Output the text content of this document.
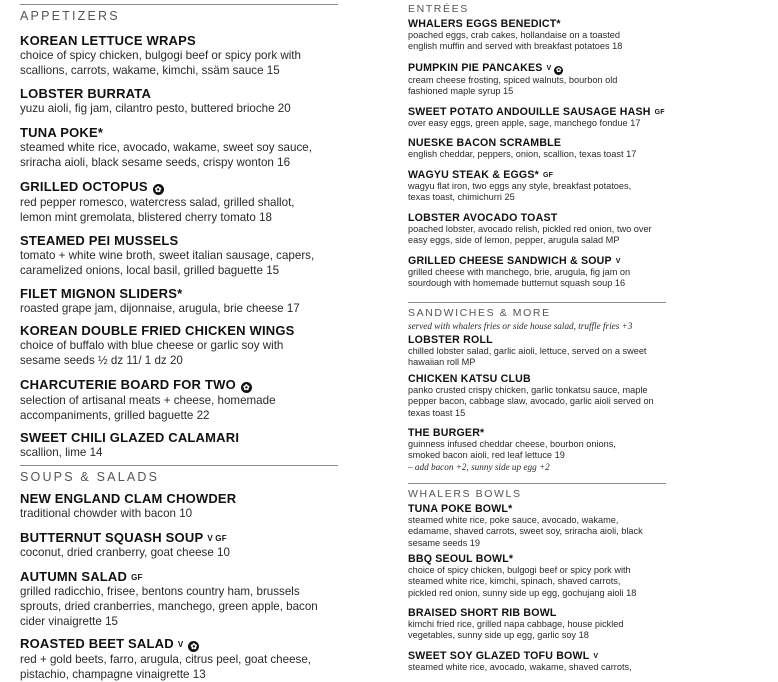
APPETIZERS
KOREAN LETTUCE WRAPS
choice of spicy chicken, bulgogi beef or spicy pork with scallions, carrots, wakame, kimchi, ssäm sauce 15
LOBSTER BURRATA
yuzu aioli, fig jam, cilantro pesto, buttered brioche 20
TUNA POKE*
steamed white rice, avocado, wakame, sweet soy sauce, sriracha aioli, black sesame seeds, crispy wonton 16
GRILLED OCTOPUS ✿
red pepper romesco, watercress salad, grilled shallot, lemon mint gremolata, blistered cherry tomato 18
STEAMED PEI MUSSELS
tomato + white wine broth, sweet italian sausage, capers, caramelized onions, local basil, grilled baguette 15
FILET MIGNON SLIDERS*
roasted grape jam, dijonnaise, arugula, brie cheese 17
KOREAN DOUBLE FRIED CHICKEN WINGS
choice of buffalo with blue cheese or garlic soy with sesame seeds ½ dz 11/ 1 dz 20
CHARCUTERIE BOARD FOR TWO ✿
selection of artisanal meats + cheese, homemade accompaniments, grilled baguette 22
SWEET CHILI GLAZED CALAMARI
scallion, lime 14
SOUPS & SALADS
NEW ENGLAND CLAM CHOWDER
traditional chowder with bacon 10
BUTTERNUT SQUASH SOUP V GF
coconut, dried cranberry, goat cheese 10
AUTUMN SALAD GF
grilled radicchio, frisee, bentons country ham, brussels sprouts, dried cranberries, manchego, green apple, bacon cider vinaigrette 15
ROASTED BEET SALAD V ✿
red + gold beets, farro, arugula, citrus peel, goat cheese, pistachio, champagne vinaigrette 13
ENTRÉES
WHALERS EGGS BENEDICT*
poached eggs, crab cakes, hollandaise on a toasted english muffin and served with breakfast potatoes 18
PUMPKIN PIE PANCAKES V ✿
cream cheese frosting, spiced walnuts, bourbon old fashioned maple syrup 15
SWEET POTATO ANDOUILLE SAUSAGE HASH GF
over easy eggs, green apple, sage, manchego fondue 17
NUESKE BACON SCRAMBLE
english cheddar, peppers, onion, scallion, texas toast 17
WAGYU STEAK & EGGS* GF
wagyu flat iron, two eggs any style, breakfast potatoes, texas toast, chimichurri 25
LOBSTER AVOCADO TOAST
poached lobster, avocado relish, pickled red onion, two over easy eggs, side of lemon, pepper, arugula salad MP
GRILLED CHEESE SANDWICH & SOUP V
grilled cheese with manchego, brie, arugula, fig jam on sourdough with homemade butternut squash soup 16
SANDWICHES & MORE
served with whalers fries or side house salad, truffle fries +3
LOBSTER ROLL
chilled lobster salad, garlic aioli, lettuce, served on a sweet hawaiian roll MP
CHICKEN KATSU CLUB
panko crusted crispy chicken, garlic tonkatsu sauce, maple pepper bacon, cabbage slaw, avocado, garlic aioli served on texas toast 15
THE BURGER*
guinness infused cheddar cheese, bourbon onions, smoked bacon aioli, red leaf lettuce 19
– add bacon +2, sunny side up egg +2
WHALERS BOWLS
TUNA POKE BOWL*
steamed white rice, poke sauce, avocado, wakame, edamame, shaved carrots, sweet soy, sriracha aioli, black sesame seeds 19
BBQ SEOUL BOWL*
choice of spicy chicken, bulgogi beef or spicy pork with steamed white rice, kimchi, spinach, shaved carrots, pickled red onion, sunny side up egg, gochujang aioli 18
BRAISED SHORT RIB BOWL
kimchi fried rice, grilled napa cabbage, house pickled vegetables, sunny side up egg, garlic soy 18
SWEET SOY GLAZED TOFU BOWL V
steamed white rice, avocado, wakame, shaved carrots,
